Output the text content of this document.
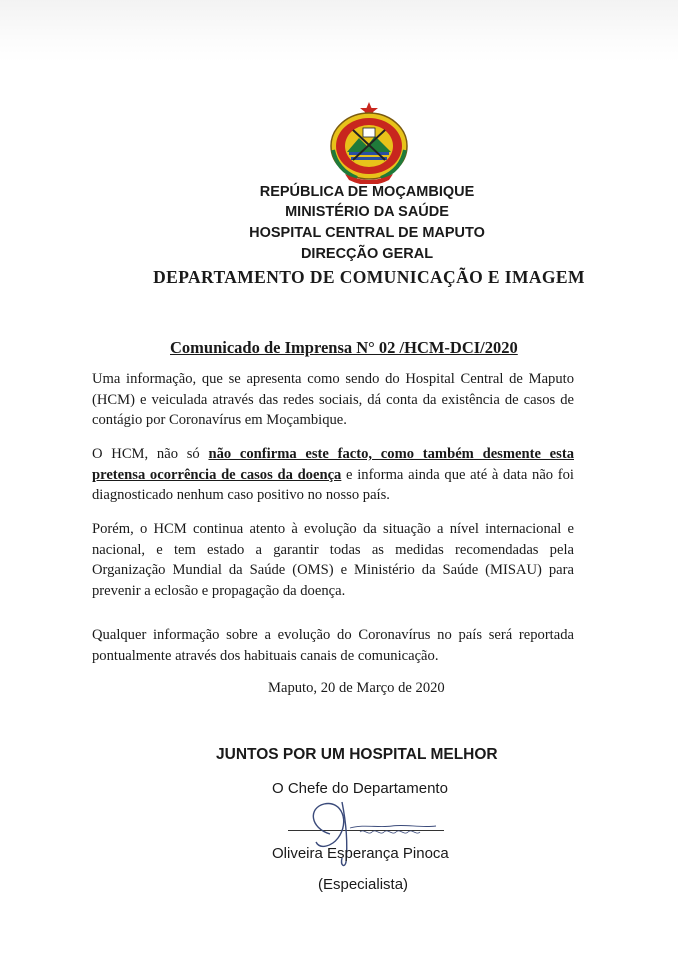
REPÚBLICA DE MOÇAMBIQUE
MINISTÉRIO DA SAÚDE
HOSPITAL CENTRAL DE MAPUTO
DIRECÇÃO GERAL
DEPARTAMENTO DE COMUNICAÇÃO E IMAGEM
Comunicado de Imprensa N° 02 /HCM-DCI/2020
Uma informação, que se apresenta como sendo do Hospital Central de Maputo (HCM) e veiculada através das redes sociais, dá conta da existência de casos de contágio por Coronavírus em Moçambique.
O HCM, não só não confirma este facto, como também desmente esta pretensa ocorrência de casos da doença e informa ainda que até à data não foi diagnosticado nenhum caso positivo no nosso país.
Porém, o HCM continua atento à evolução da situação a nível internacional e nacional, e tem estado a garantir todas as medidas recomendadas pela Organização Mundial da Saúde (OMS) e Ministério da Saúde (MISAU) para prevenir a eclosão e propagação da doença.
Qualquer informação sobre a evolução do Coronavírus no país será reportada pontualmente através dos habituais canais de comunicação.
Maputo, 20 de Março de 2020
JUNTOS POR UM HOSPITAL MELHOR
O Chefe do Departamento
Oliveira Esperança Pinoca
(Especialista)
